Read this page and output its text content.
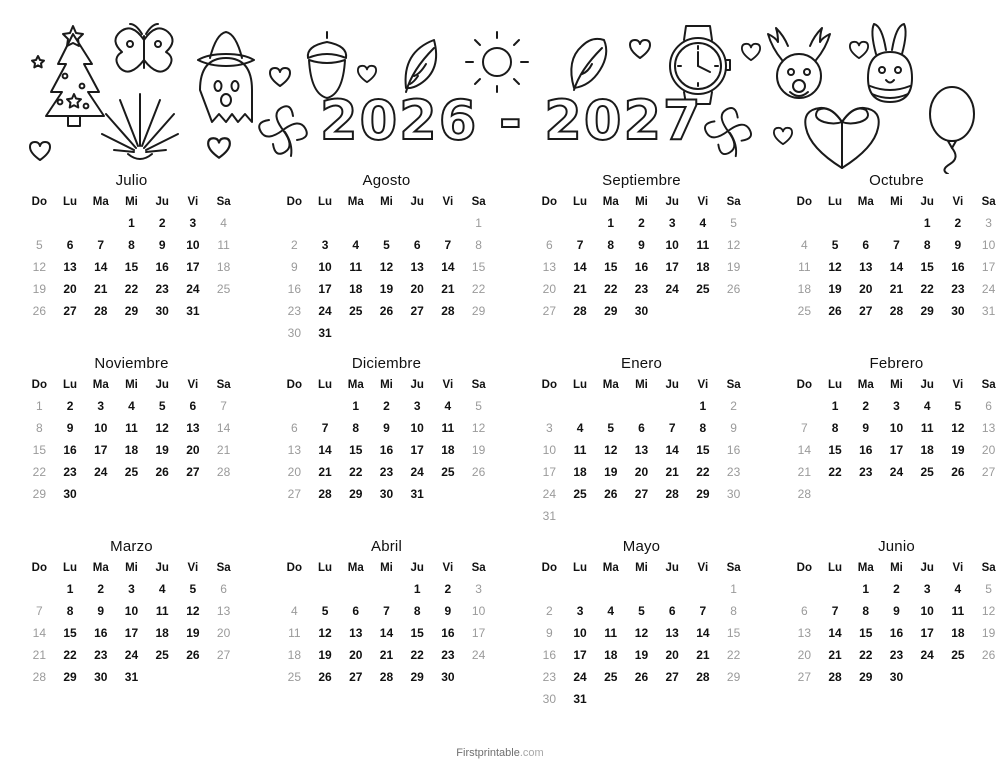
2026 - 2027
Julio
Do	Lu	Ma	Mi	Ju	Vi	Sa
			1	2	3	4
5	6	7	8	9	10	11
12	13	14	15	16	17	18
19	20	21	22	23	24	25
26	27	28	29	30	31	
Agosto
Do	Lu	Ma	Mi	Ju	Vi	Sa
						1
2	3	4	5	6	7	8
9	10	11	12	13	14	15
16	17	18	19	20	21	22
23	24	25	26	27	28	29
30	31					
Septiembre
Do	Lu	Ma	Mi	Ju	Vi	Sa
		1	2	3	4	5
6	7	8	9	10	11	12
13	14	15	16	17	18	19
20	21	22	23	24	25	26
27	28	29	30			
Octubre
Do	Lu	Ma	Mi	Ju	Vi	Sa
				1	2	3
4	5	6	7	8	9	10
11	12	13	14	15	16	17
18	19	20	21	22	23	24
25	26	27	28	29	30	31
Noviembre
Do	Lu	Ma	Mi	Ju	Vi	Sa
1	2	3	4	5	6	7
8	9	10	11	12	13	14
15	16	17	18	19	20	21
22	23	24	25	26	27	28
29	30					
Diciembre
Do	Lu	Ma	Mi	Ju	Vi	Sa
		1	2	3	4	5
6	7	8	9	10	11	12
13	14	15	16	17	18	19
20	21	22	23	24	25	26
27	28	29	30	31		
Enero
Do	Lu	Ma	Mi	Ju	Vi	Sa
					1	2
3	4	5	6	7	8	9
10	11	12	13	14	15	16
17	18	19	20	21	22	23
24	25	26	27	28	29	30
31						
Febrero
Do	Lu	Ma	Mi	Ju	Vi	Sa
	1	2	3	4	5	6
7	8	9	10	11	12	13
14	15	16	17	18	19	20
21	22	23	24	25	26	27
28						
Marzo
Do	Lu	Ma	Mi	Ju	Vi	Sa
	1	2	3	4	5	6
7	8	9	10	11	12	13
14	15	16	17	18	19	20
21	22	23	24	25	26	27
28	29	30	31			
Abril
Do	Lu	Ma	Mi	Ju	Vi	Sa
				1	2	3
4	5	6	7	8	9	10
11	12	13	14	15	16	17
18	19	20	21	22	23	24
25	26	27	28	29	30	
Mayo
Do	Lu	Ma	Mi	Ju	Vi	Sa
						1
2	3	4	5	6	7	8
9	10	11	12	13	14	15
16	17	18	19	20	21	22
23	24	25	26	27	28	29
30	31					
Junio
Do	Lu	Ma	Mi	Ju	Vi	Sa
		1	2	3	4	5
6	7	8	9	10	11	12
13	14	15	16	17	18	19
20	21	22	23	24	25	26
27	28	29	30			
Firstprintable.com
